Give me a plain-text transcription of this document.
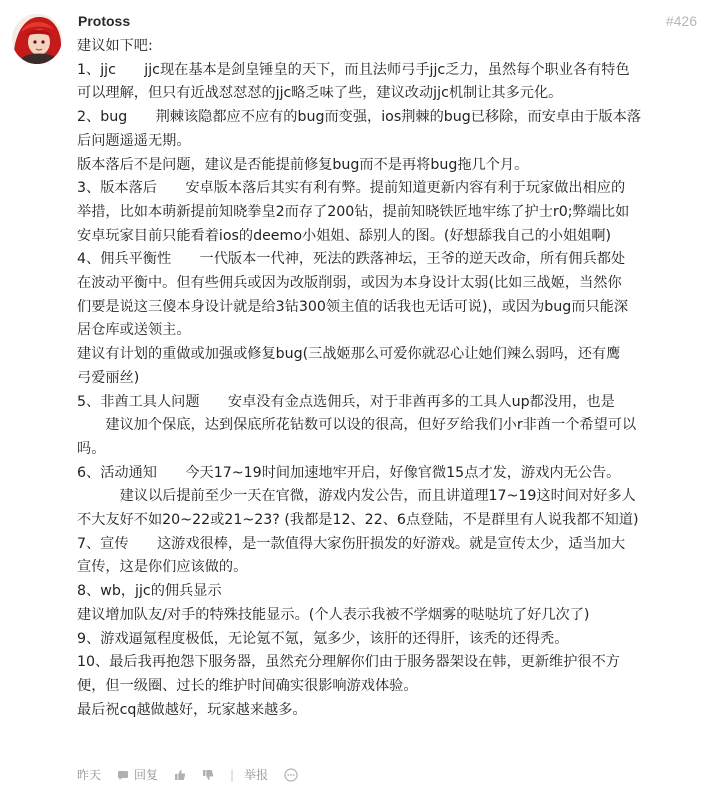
Protoss	#426
建议如下吧:
1、jjc　　jjc现在基本是剑皇锤皇的天下，而且法师弓手jjc乏力，虽然每个职业各有特色
可以理解，但只有近战怼怼怼的jjc略乏味了些，建议改动jjc机制让其多元化。
2、bug　　荆棘该隐都应不应有的bug而变强，ios荆棘的bug已移除，而安卓由于版本落
后问题遥遥无期。
版本落后不是问题，建议是否能提前修复bug而不是再将bug拖几个月。
3、版本落后　　安卓版本落后其实有利有弊。提前知道更新内容有利于玩家做出相应的
举措，比如本萌新提前知晓拳皇2而存了200钻，提前知晓铁匠地牢练了护士r0;弊端比如
安卓玩家目前只能看着ios的deemo小姐姐、舔别人的图。(好想舔我自己的小姐姐啊)
4、佣兵平衡性　　一代版本一代神，死法的跌落神坛，王爷的逆天改命，所有佣兵都处
在波动平衡中。但有些佣兵或因为改版削弱，或因为本身设计太弱(比如三战姬，当然你
们要是说这三傻本身设计就是给3钻300领主值的话我也无话可说)，或因为bug而只能深
居仓库或送领主。
建议有计划的重做或加强或修复bug(三战姬那么可爱你就忍心让她们辣么弱吗，还有鹰
弓爱丽丝)
5、非酋工具人问题　　安卓没有金点选佣兵，对于非酋再多的工具人up都没用，也是
　　建议加个保底，达到保底所花钻数可以设的很高，但好歹给我们小r非酋一个希望可以
吗。
6、活动通知　　今天17~19时间加速地牢开启，好像官微15点才发，游戏内无公告。
　　　建议以后提前至少一天在官微，游戏内发公告，而且讲道理17~19这时间对好多人
不大友好不如20~22或21~23? (我都是12、22、6点登陆，不是群里有人说我都不知道)
7、宣传　　这游戏很棒，是一款值得大家伤肝损发的好游戏。就是宣传太少，适当加大
宣传，这是你们应该做的。
8、wb，jjc的佣兵显示
建议增加队友/对手的特殊技能显示。(个人表示我被不学烟雾的哒哒坑了好几次了)
9、游戏逼氪程度极低，无论氪不氪，氪多少，该肝的还得肝，该秃的还得秃。
10、最后我再抱怨下服务器，虽然充分理解你们由于服务器架设在韩，更新维护很不方
便，但一级圈、过长的维护时间确实很影响游戏体验。
最后祝cq越做越好，玩家越来越多。
昨天	回复	| 举报
